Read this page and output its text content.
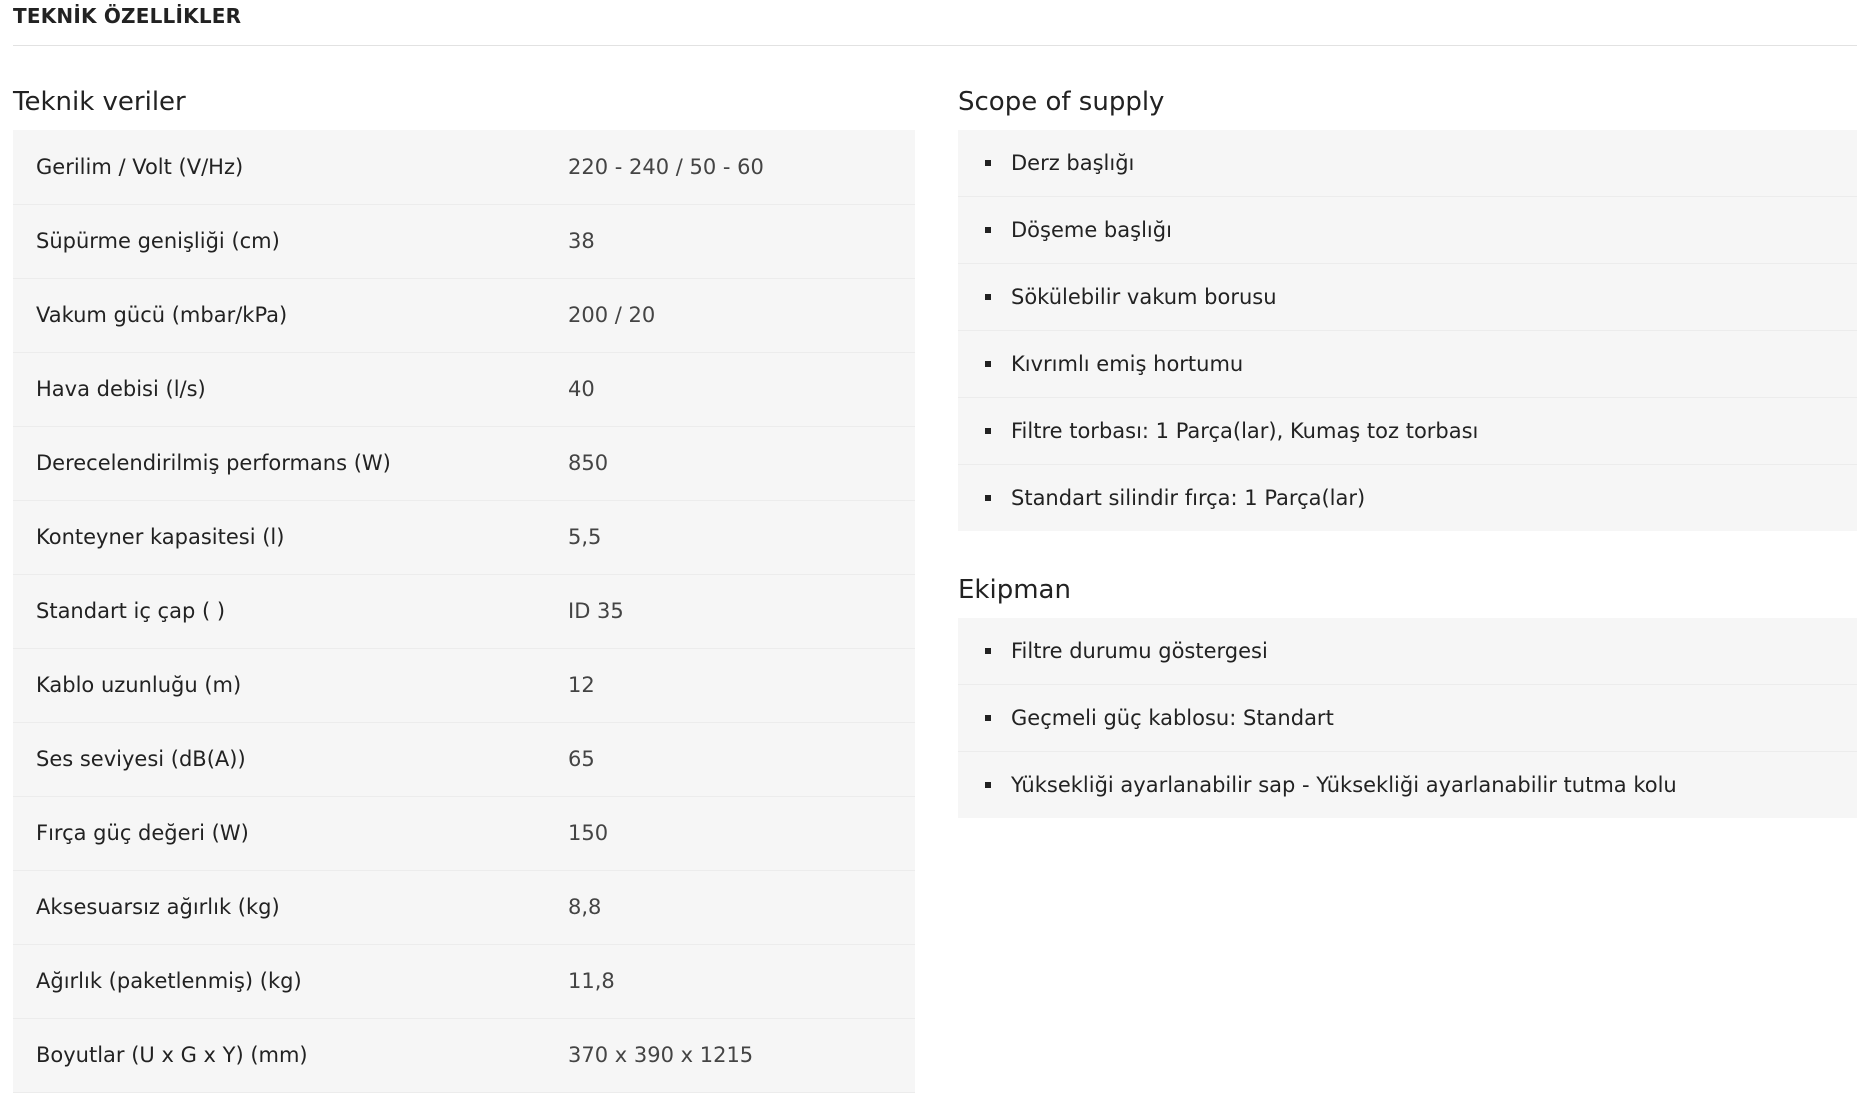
TEKNİK ÖZELLİKLER
Teknik veriler
Gerilim / Volt (V/Hz)	220 - 240 / 50 - 60
Süpürme genişliği (cm)	38
Vakum gücü (mbar/kPa)	200 / 20
Hava debisi (l/s)	40
Derecelendirilmiş performans (W)	850
Konteyner kapasitesi (l)	5,5
Standart iç çap ( )	ID 35
Kablo uzunluğu (m)	12
Ses seviyesi (dB(A))	65
Fırça güç değeri (W)	150
Aksesuarsız ağırlık (kg)	8,8
Ağırlık (paketlenmiş) (kg)	11,8
Boyutlar (U x G x Y) (mm)	370 x 390 x 1215
Scope of supply
Derz başlığı
Döşeme başlığı
Sökülebilir vakum borusu
Kıvrımlı emiş hortumu
Filtre torbası: 1 Parça(lar), Kumaş toz torbası
Standart silindir fırça: 1 Parça(lar)
Ekipman
Filtre durumu göstergesi
Geçmeli güç kablosu: Standart
Yüksekliği ayarlanabilir sap - Yüksekliği ayarlanabilir tutma kolu
